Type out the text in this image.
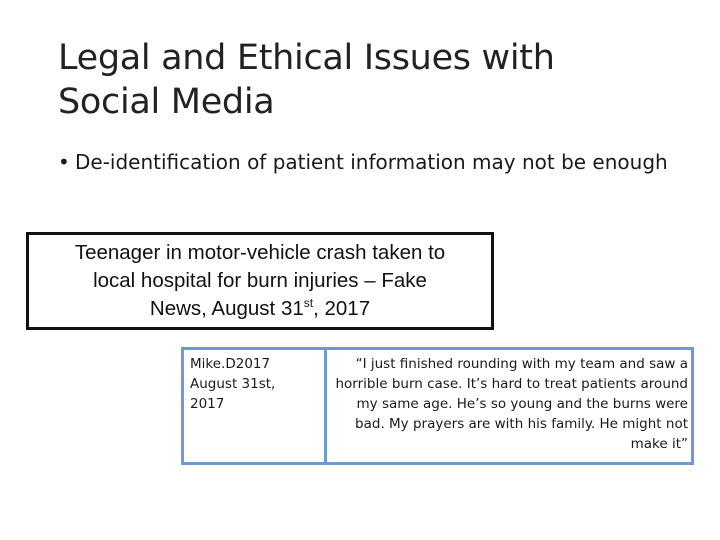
Legal and Ethical Issues with
Social Media
• De-identification of patient information may not be enough
Teenager in motor-vehicle crash taken to
local hospital for burn injuries – Fake
News, August 31st, 2017
Mike.D2017
August 31st,
2017
“I just finished rounding with my team and saw a horrible burn case. It’s hard to treat patients around my same age. He’s so young and the burns were bad. My prayers are with his family. He might not make it”
